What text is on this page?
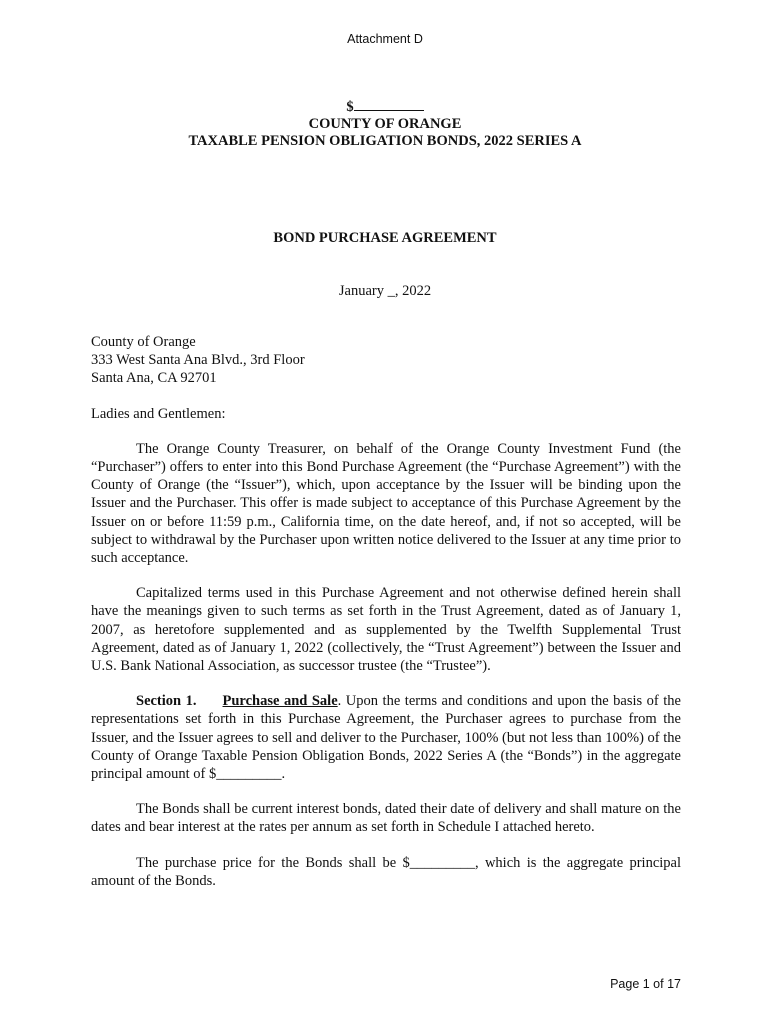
Attachment D
$
COUNTY OF ORANGE
TAXABLE PENSION OBLIGATION BONDS, 2022 SERIES A
BOND PURCHASE AGREEMENT
January _, 2022

County of Orange

333 West Santa Ana Blvd., 3rd Floor

Santa Ana, CA 92701

Ladies and Gentlemen:

The Orange County Treasurer, on behalf of the Orange County Investment Fund (the “Purchaser”) offers to enter into this Bond Purchase Agreement (the “Purchase Agreement”) with the County of Orange (the “Issuer”), which, upon acceptance by the Issuer will be binding upon the Issuer and the Purchaser. This offer is made subject to acceptance of this Purchase Agreement by the Issuer on or before 11:59 p.m., California time, on the date hereof, and, if not so accepted, will be subject to withdrawal by the Purchaser upon written notice delivered to the Issuer at any time prior to such acceptance.

Capitalized terms used in this Purchase Agreement and not otherwise defined herein shall have the meanings given to such terms as set forth in the Trust Agreement, dated as of January 1, 2007, as heretofore supplemented and as supplemented by the Twelfth Supplemental Trust Agreement, dated as of January 1, 2022 (collectively, the “Trust Agreement”) between the Issuer and U.S. Bank National Association, as successor trustee (the “Trustee”).

Section 1. Purchase and Sale. Upon the terms and conditions and upon the basis of the representations set forth in this Purchase Agreement, the Purchaser agrees to purchase from the Issuer, and the Issuer agrees to sell and deliver to the Purchaser, 100% (but not less than 100%) of the County of Orange Taxable Pension Obligation Bonds, 2022 Series A (the “Bonds”) in the aggregate principal amount of $_________.

The Bonds shall be current interest bonds, dated their date of delivery and shall mature on the dates and bear interest at the rates per annum as set forth in Schedule I attached hereto.

The purchase price for the Bonds shall be $_________, which is the aggregate principal amount of the Bonds.

Page 1 of 17
